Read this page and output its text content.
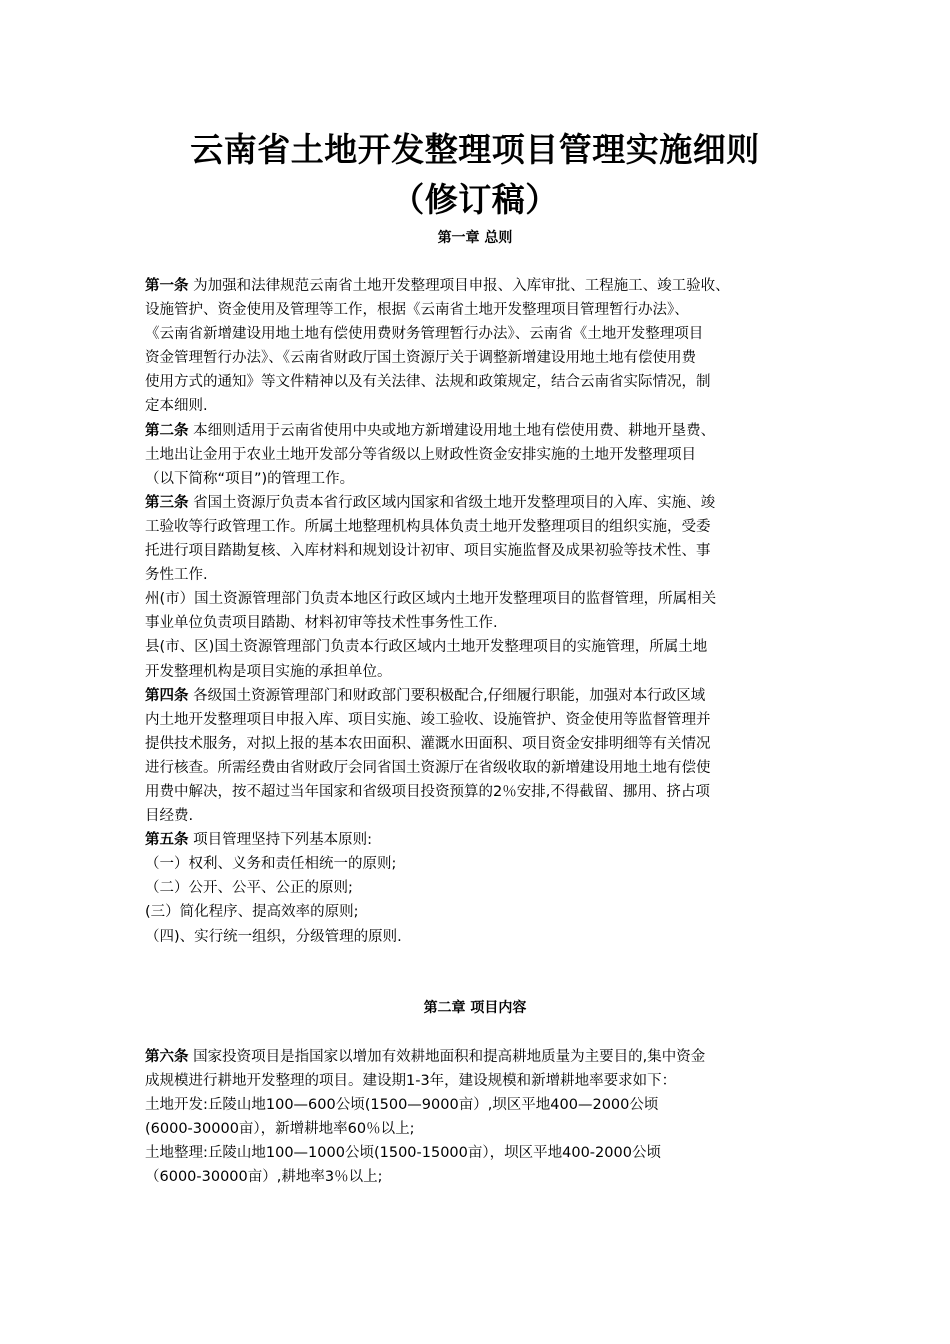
云南省土地开发整理项目管理实施细则
（修订稿）
第一章 总则

第一条 为加强和法律规范云南省土地开发整理项目申报、入库审批、工程施工、竣工验收、

设施管护、资金使用及管理等工作，根据《云南省土地开发整理项目管理暂行办法》、

《云南省新增建设用地土地有偿使用费财务管理暂行办法》、云南省《土地开发整理项目

资金管理暂行办法》、《云南省财政厅国土资源厅关于调整新增建设用地土地有偿使用费

使用方式的通知》等文件精神以及有关法律、法规和政策规定，结合云南省实际情况，制

定本细则.

第二条 本细则适用于云南省使用中央或地方新增建设用地土地有偿使用费、耕地开垦费、

土地出让金用于农业土地开发部分等省级以上财政性资金安排实施的土地开发整理项目

（以下简称“项目”)的管理工作。

第三条 省国土资源厅负责本省行政区域内国家和省级土地开发整理项目的入库、实施、竣

工验收等行政管理工作。所属土地整理机构具体负责土地开发整理项目的组织实施，受委

托进行项目踏勘复核、入库材料和规划设计初审、项目实施监督及成果初验等技术性、事

务性工作.

州(市）国土资源管理部门负责本地区行政区域内土地开发整理项目的监督管理，所属相关

事业单位负责项目踏勘、材料初审等技术性事务性工作.

县(市、区)国土资源管理部门负责本行政区域内土地开发整理项目的实施管理，所属土地

开发整理机构是项目实施的承担单位。

第四条 各级国土资源管理部门和财政部门要积极配合,仔细履行职能，加强对本行政区域

内土地开发整理项目申报入库、项目实施、竣工验收、设施管护、资金使用等监督管理并

提供技术服务，对拟上报的基本农田面积、灌溉水田面积、项目资金安排明细等有关情况

进行核查。所需经费由省财政厅会同省国土资源厅在省级收取的新增建设用地土地有偿使

用费中解决，按不超过当年国家和省级项目投资预算的2％安排,不得截留、挪用、挤占项

目经费.

第五条 项目管理坚持下列基本原则:

（一）权利、义务和责任相统一的原则;

（二）公开、公平、公正的原则;

(三）简化程序、提高效率的原则;

（四)、实行统一组织，分级管理的原则.

第二章 项目内容

第六条 国家投资项目是指国家以增加有效耕地面积和提高耕地质量为主要目的,集中资金

成规模进行耕地开发整理的项目。建设期1-3年，建设规模和新增耕地率要求如下：

土地开发:丘陵山地100—600公顷(1500—9000亩）,坝区平地400—2000公顷

(6000-30000亩），新增耕地率60％以上;

土地整理:丘陵山地100—1000公顷(1500-15000亩），坝区平地400-2000公顷

（6000-30000亩）,耕地率3％以上;
